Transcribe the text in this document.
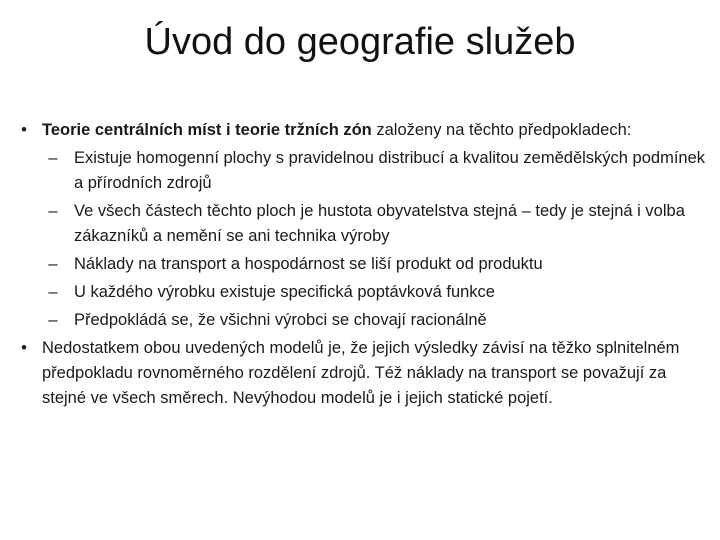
Úvod do geografie služeb
• Teorie centrálních míst i teorie tržních zón založeny na těchto předpokladech:
– Existuje homogenní plochy s pravidelnou distribucí a kvalitou zemědělských podmínek a přírodních zdrojů
– Ve všech částech těchto ploch je hustota obyvatelstva stejná – tedy je stejná i volba zákazníků a nemění se ani technika výroby
– Náklady na transport a hospodárnost se liší produkt od produktu
– U každého výrobku existuje specifická poptávková funkce
– Předpokládá se, že všichni výrobci se chovají racionálně
• Nedostatkem obou uvedených modelů je, že jejich výsledky závisí na těžko splnitelném předpokladu rovnoměrného rozdělení zdrojů. Též náklady na transport se považují za stejné ve všech směrech. Nevýhodou modelů je i jejich statické pojetí.
